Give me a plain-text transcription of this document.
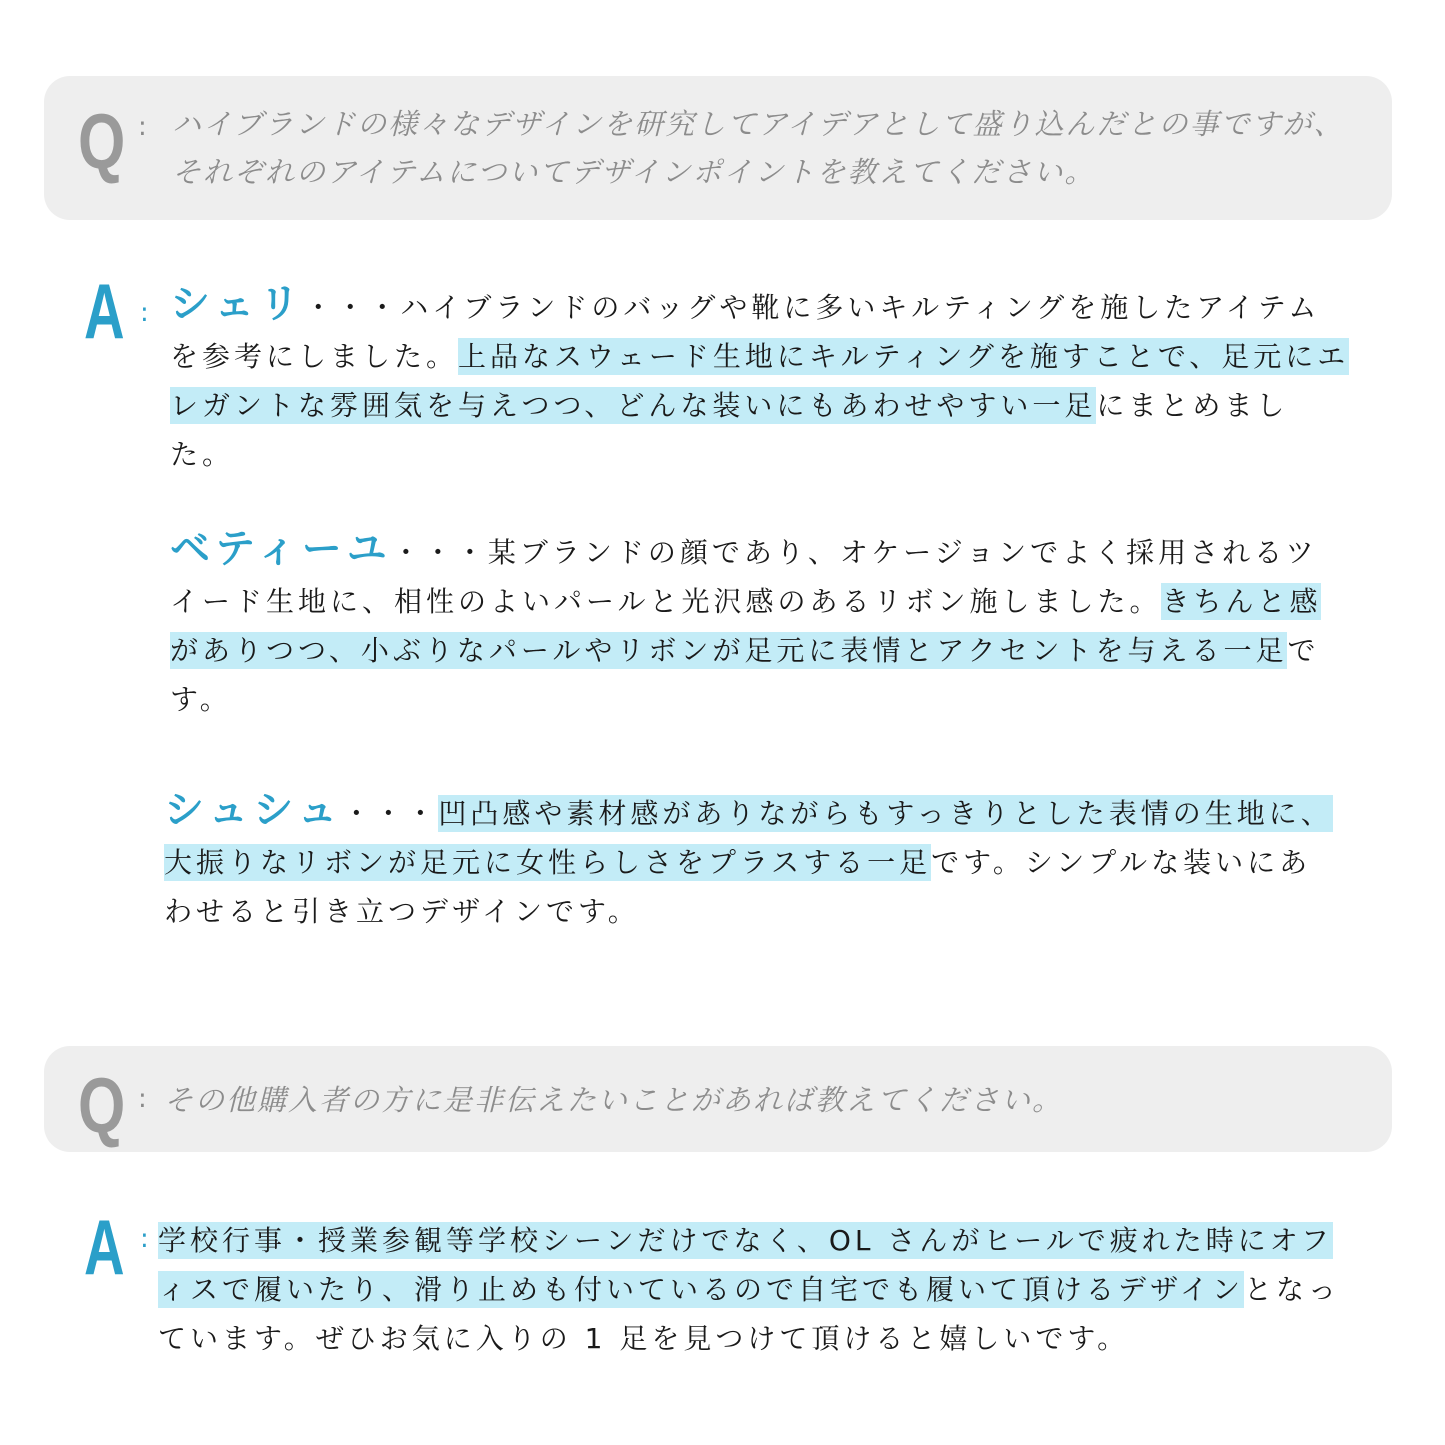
Q : ハイブランドの様々なデザインを研究してアイデアとして盛り込んだとの事ですが、それぞれのアイテムについてデザインポイントを教えてください。
A : シェリ・・・ハイブランドのバッグや靴に多いキルティングを施したアイテムを参考にしました。上品なスウェード生地にキルティングを施すことで、足元にエレガントな雰囲気を与えつつ、どんな装いにもあわせやすい一足にまとめました。
ベティーユ・・・某ブランドの顔であり、オケージョンでよく採用されるツイード生地に、相性のよいパールと光沢感のあるリボン施しました。きちんと感がありつつ、小ぶりなパールやリボンが足元に表情とアクセントを与える一足です。
シュシュ・・・凹凸感や素材感がありながらもすっきりとした表情の生地に、大振りなリボンが足元に女性らしさをプラスする一足です。シンプルな装いにあわせると引き立つデザインです。
Q : その他購入者の方に是非伝えたいことがあれば教えてください。
A : 学校行事・授業参観等学校シーンだけでなく、OL さんがヒールで疲れた時にオフィスで履いたり、滑り止めも付いているので自宅でも履いて頂けるデザインとなっています。ぜひお気に入りの 1 足を見つけて頂けると嬉しいです。
